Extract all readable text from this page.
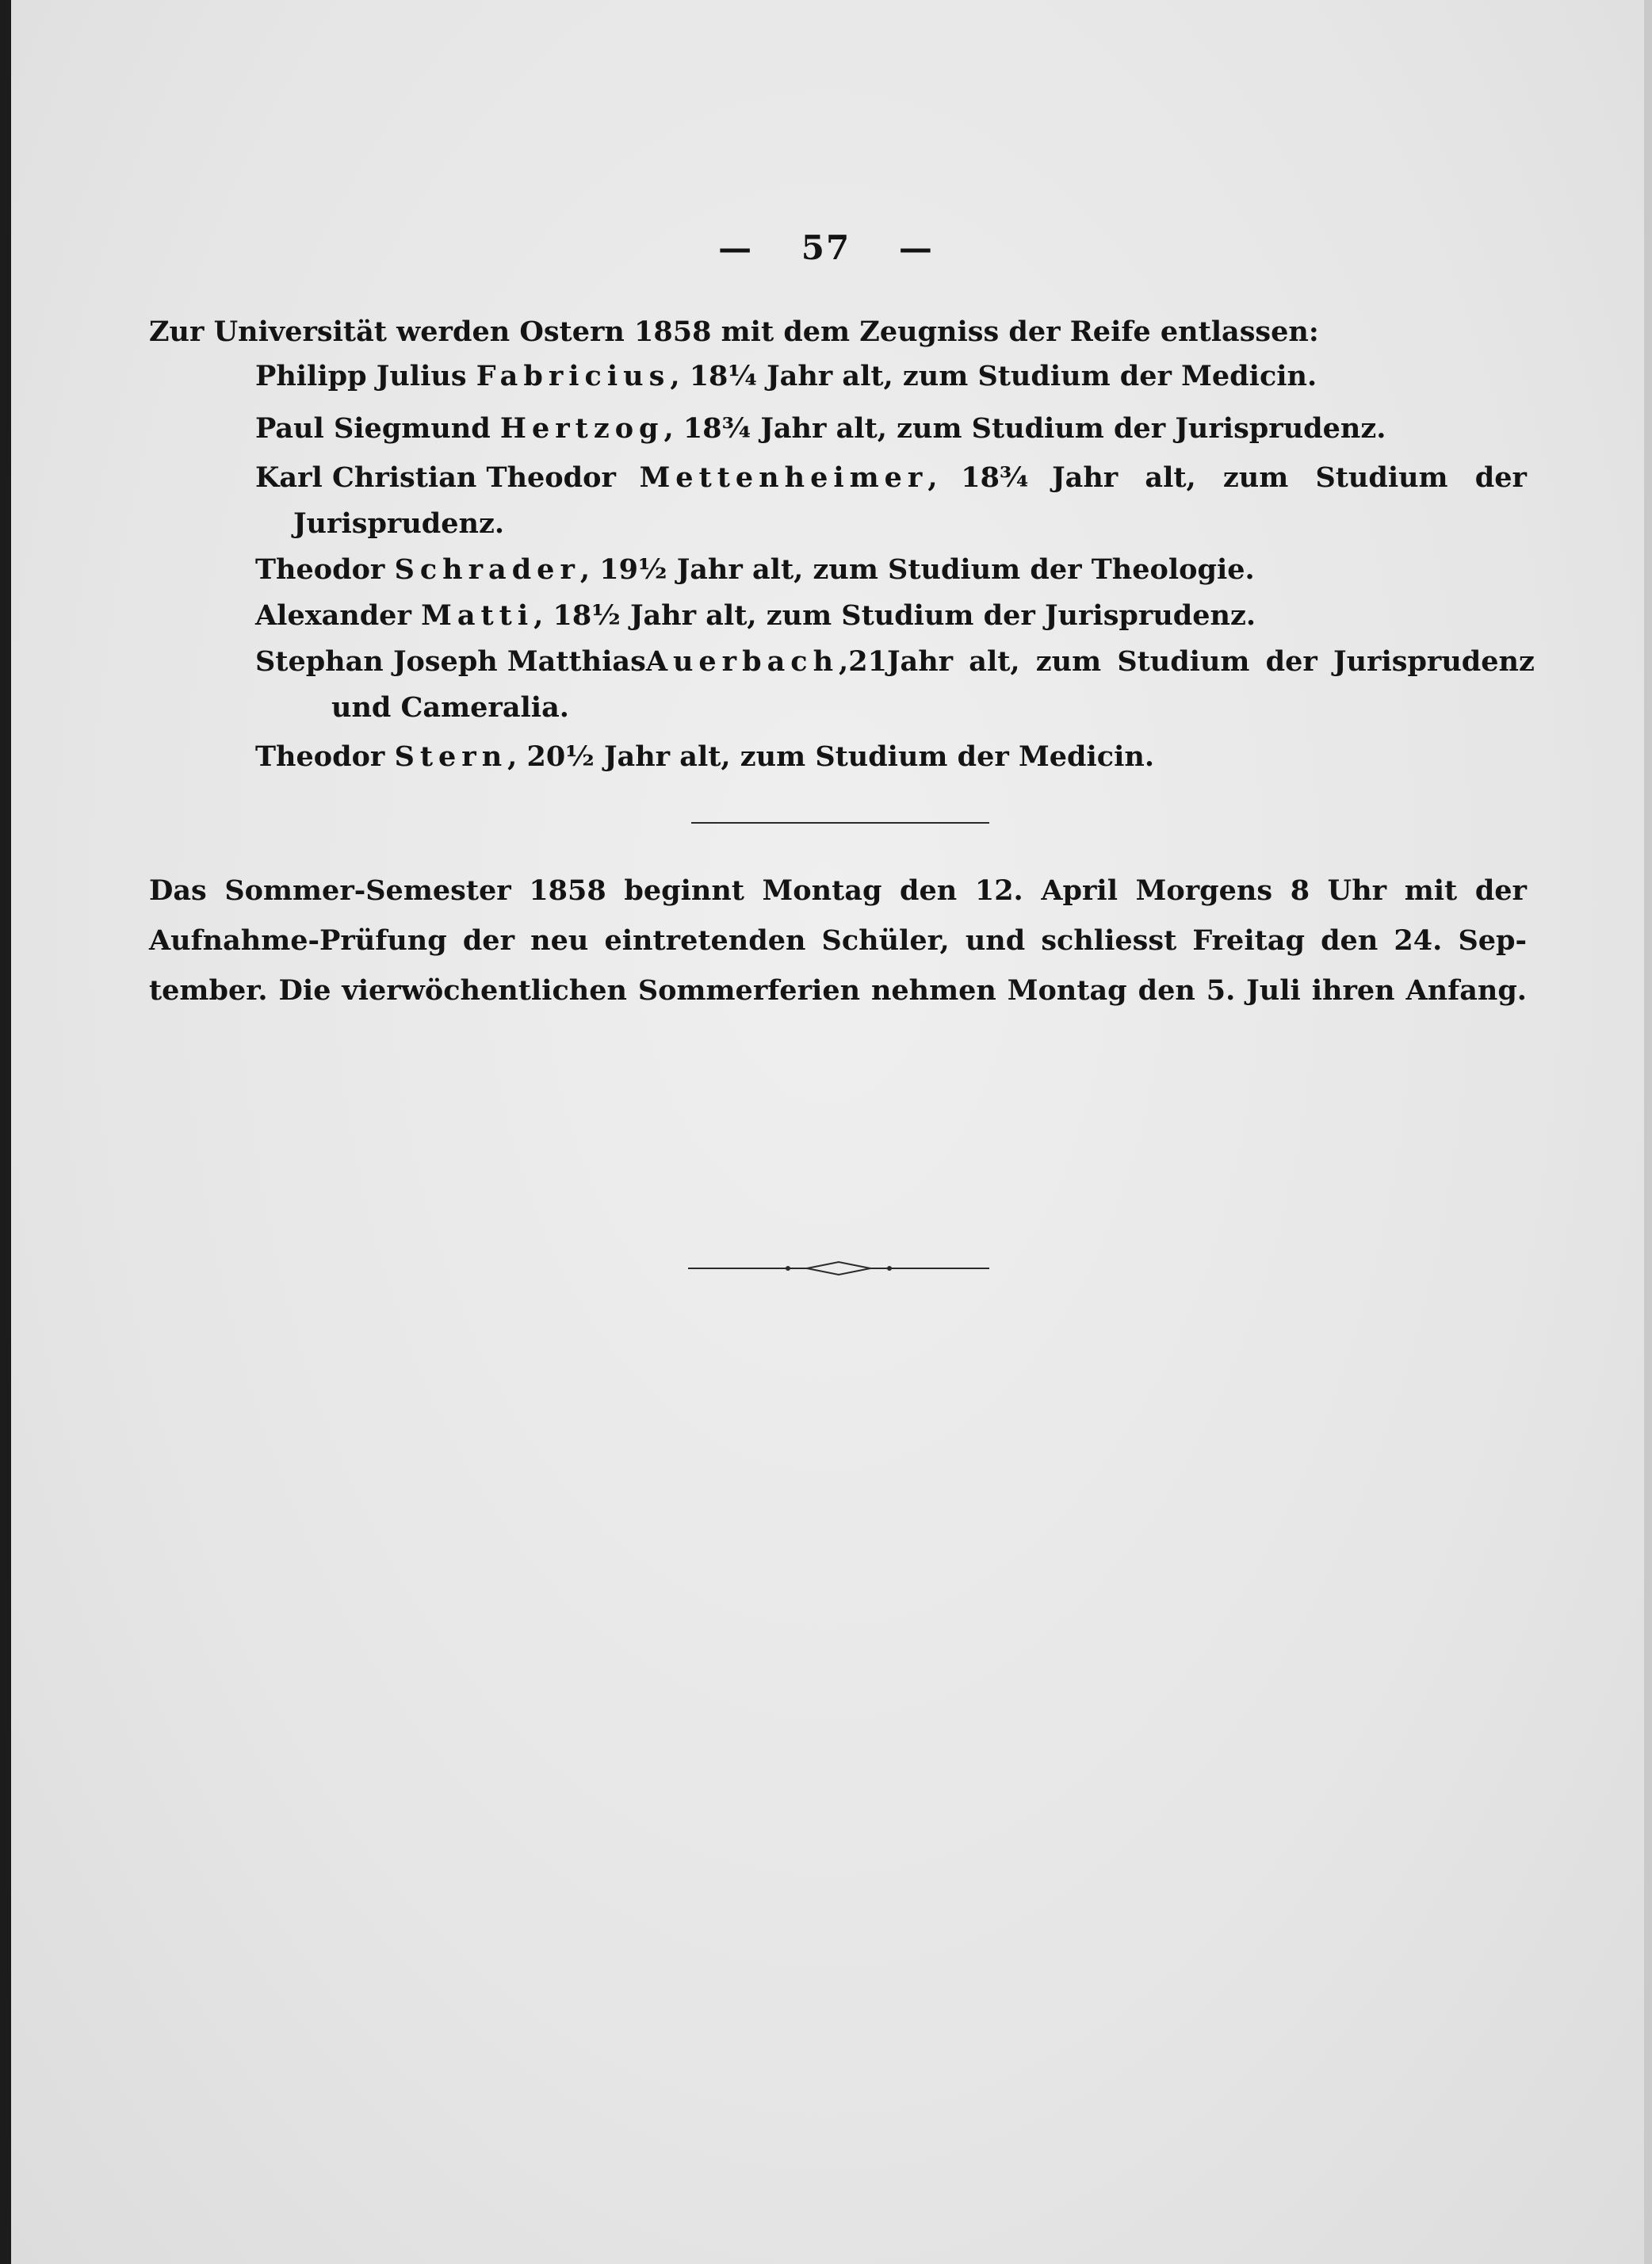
—   57  —
Zur Universität werden Ostern 1858 mit dem Zeugniss der Reife entlassen:
Philipp Julius Fabricius, 18¼ Jahr alt, zum Studium der Medicin.
Paul Siegmund Hertzog, 18¾ Jahr alt, zum Studium der Jurisprudenz.
Karl Christian Theodor Mettenheimer, 18¾ Jahr alt, zum Studium der
Jurisprudenz.
Theodor Schrader, 19½ Jahr alt, zum Studium der Theologie.
Alexander Matti, 18½ Jahr alt, zum Studium der Jurisprudenz.
Stephan Joseph Matthias Auerbach, 21 Jahr alt, zum Studium der Jurisprudenz
und Cameralia.
Theodor Stern, 20½ Jahr alt, zum Studium der Medicin.
Das Sommer-Semester 1858 beginnt Montag den 12. April Morgens 8 Uhr mit der
Aufnahme-Prüfung der neu eintretenden Schüler, und schliesst Freitag den 24. Sep-
tember. Die vierwöchentlichen Sommerferien nehmen Montag den 5. Juli ihren Anfang.
